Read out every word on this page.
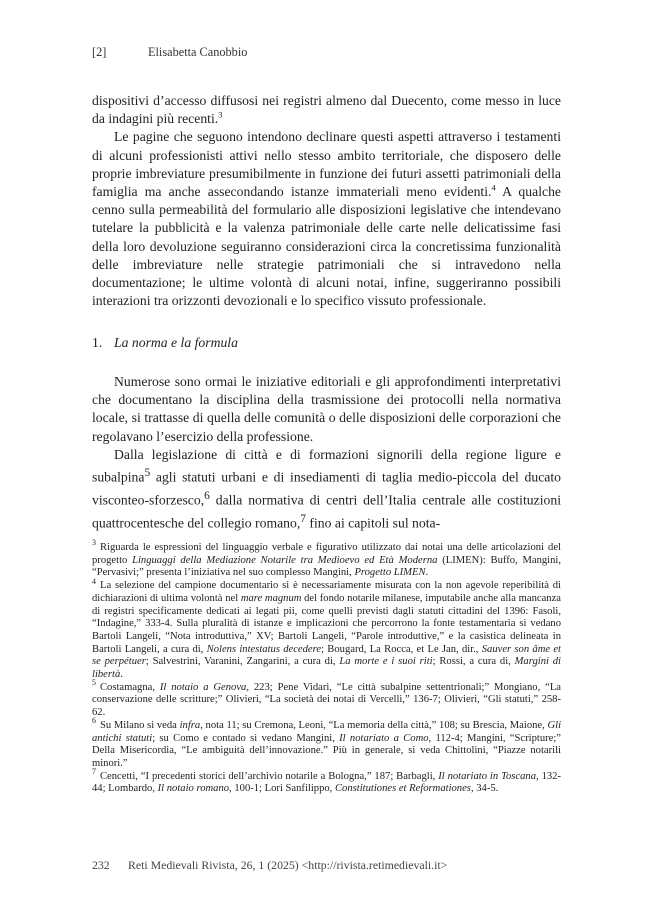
[2]	Elisabetta Canobbio

dispositivi d’accesso diffusosi nei registri almeno dal Duecento, come messo in luce da indagini più recenti.$^3$

Le pagine che seguono intendono declinare questi aspetti attraverso i testamenti di alcuni professionisti attivi nello stesso ambito territoriale, che disposero delle proprie imbreviature presumibilmente in funzione dei futuri assetti patrimoniali della famiglia ma anche assecondando istanze immateriali meno evidenti.$^4$ A qualche cenno sulla permeabilità del formulario alle disposizioni legislative che intendevano tutelare la pubblicità e la valenza patrimoniale delle carte nelle delicatissime fasi della loro devoluzione seguiranno considerazioni circa la concretissima funzionalità delle imbreviature nelle strategie patrimoniali che si intravedono nella documentazione; le ultime volontà di alcuni notai, infine, suggeriranno possibili interazioni tra orizzonti devozionali e lo specifico vissuto professionale.

1. La norma e la formula

Numerose sono ormai le iniziative editoriali e gli approfondimenti interpretativi che documentano la disciplina della trasmissione dei protocolli nella normativa locale, si trattasse di quella delle comunità o delle disposizioni delle corporazioni che regolavano l’esercizio della professione.

Dalla legislazione di città e di formazioni signorili della regione ligure e subalpina$^5$ agli statuti urbani e di insediamenti di taglia medio-piccola del ducato visconteo-sforzesco,$^6$ dalla normativa di centri dell’Italia centrale alle costituzioni quattrocentesche del collegio romano,$^7$ fino ai capitoli sul nota-

$^3$ Riguarda le espressioni del linguaggio verbale e figurativo utilizzato dai notai una delle articolazioni del progetto Linguaggi della Mediazione Notarile tra Medioevo ed Età Moderna (LIMEN): Buffo, Mangini, “Pervasivi;” presenta l’iniziativa nel suo complesso Mangini, Progetto LIMEN.

$^4$ La selezione del campione documentario si è necessariamente misurata con la non agevole reperibilità di dichiarazioni di ultima volontà nel mare magnum del fondo notarile milanese, imputabile anche alla mancanza di registri specificamente dedicati ai legati pii, come quelli previsti dagli statuti cittadini del 1396: Fasoli, “Indagine,” 333-4. Sulla pluralità di istanze e implicazioni che percorrono la fonte testamentaria si vedano Bartoli Langeli, “Nota introduttiva,” XV; Bartoli Langeli, “Parole introduttive,” e la casistica delineata in Bartoli Langeli, a cura di, Nolens intestatus decedere; Bougard, La Rocca, et Le Jan, dir., Sauver son âme et se perpétuer; Salvestrini, Varanini, Zangarini, a cura di, La morte e i suoi riti; Rossi, a cura di, Margini di libertà.

$^5$ Costamagna, Il notaio a Genova, 223; Pene Vidari, “Le città subalpine settentrionali;” Mongiano, “La conservazione delle scritture;” Olivieri, “La società dei notai di Vercelli,” 136-7; Olivieri, “Gli statuti,” 258-62.

$^6$ Su Milano si veda infra, nota 11; su Cremona, Leoni, “La memoria della città,” 108; su Brescia, Maione, Gli antichi statuti; su Como e contado si vedano Mangini, Il notariato a Como, 112-4; Mangini, “Scripture;” Della Misericordia, “Le ambiguità dell’innovazione.” Più in generale, si veda Chittolini, “Piazze notarili minori.”

$^7$ Cencetti, “I precedenti storici dell’archivio notarile a Bologna,” 187; Barbagli, Il notariato in Toscana, 132-44; Lombardo, Il notaio romano, 100-1; Lori Sanfilippo, Constitutiones et Reformationes, 34-5.

232 Reti Medievali Rivista, 26, 1 (2025) <http://rivista.retimedievali.it>
